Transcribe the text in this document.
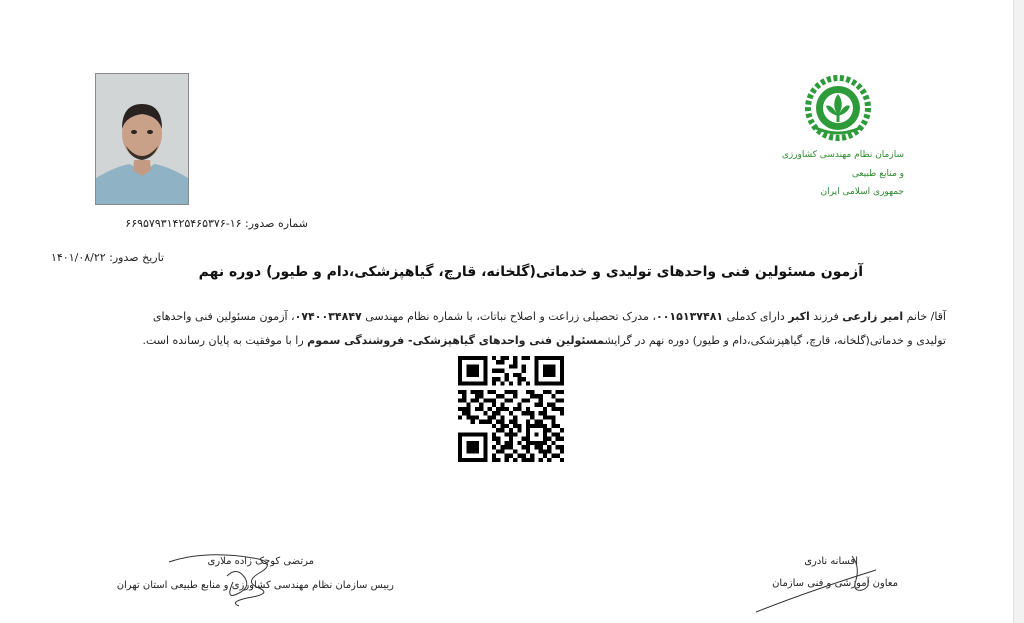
سازمان نظام مهندسی کشاورزی
و منابع طبیعی
جمهوری اسلامی ایران
شماره صدور: ۱۶-۶۶۹۵۷۹۳۱۴۲۵۴۶۵۳۷۶
تاریخ صدور: ۱۴۰۱/۰۸/۲۲
آزمون مسئولین فنی واحدهای تولیدی و خدماتی(گلخانه، قارچ، گیاهپزشکی،دام و طیور) دوره نهم
آقا/ خانم امیر زارعی فرزند اکبر دارای کدملی ۰۰۱۵۱۳۷۴۸۱، مدرک تحصیلی زراعت و اصلاح نباتات، با شماره نظام مهندسی ۰۷۴۰۰۳۴۸۴۷، آزمون مسئولین فنی واحدهای تولیدی و خدماتی(گلخانه، قارچ، گیاهپزشکی،دام و طیور) دوره نهم در گرایشمسئولین فنی واحدهای گیاهپزشکی- فروشندگی سموم را با موفقیت به پایان رسانده است.
مرتضی کوچک زاده ملاری
رییس سازمان نظام مهندسی کشاورزی و منابع طبیعی استان تهران
افسانه نادری
معاون آموزشی و فنی سازمان
